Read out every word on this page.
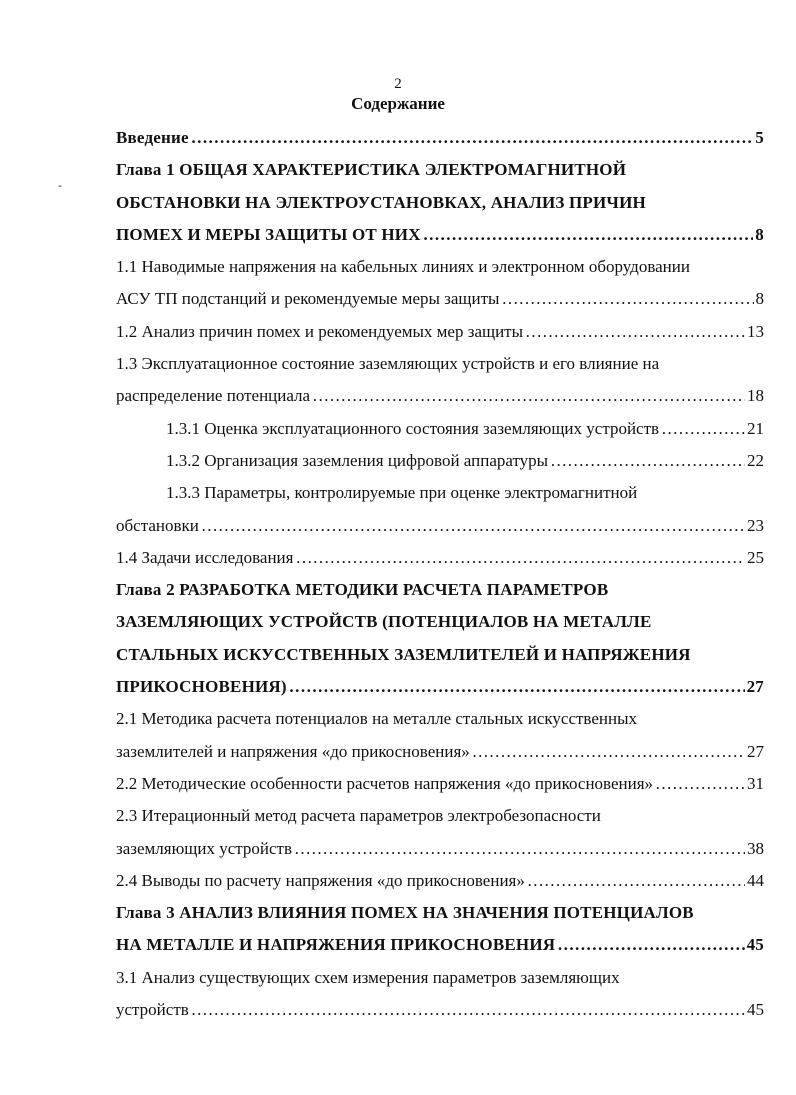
2
Содержание
Введение …………………………………………………………………………………………………………………………………………………………………………	5
Глава 1 ОБЩАЯ ХАРАКТЕРИСТИКА ЭЛЕКТРОМАГНИТНОЙ
ОБСТАНОВКИ НА ЭЛЕКТРОУСТАНОВКАХ, АНАЛИЗ ПРИЧИН
ПОМЕХ И МЕРЫ ЗАЩИТЫ ОТ НИХ …………………………………………………………………………………………………………………………………………………………………………	8
1.1 Наводимые напряжения на кабельных линиях и электронном оборудовании
АСУ ТП подстанций и рекомендуемые меры защиты …………………………………………………………………………………………………………………………………………………………………………	8
1.2 Анализ причин помех и рекомендуемых мер защиты …………………………………………………………………………………………………………………………………………………………………………	13
1.3 Эксплуатационное состояние заземляющих устройств и его влияние на
распределение потенциала …………………………………………………………………………………………………………………………………………………………………………	18
1.3.1 Оценка эксплуатационного состояния заземляющих устройств …………………………………………………………………………………………………………………………………………………………………………	21
1.3.2 Организация заземления цифровой аппаратуры …………………………………………………………………………………………………………………………………………………………………………	22
1.3.3 Параметры, контролируемые при оценке электромагнитной
обстановки …………………………………………………………………………………………………………………………………………………………………………	23
1.4 Задачи исследования …………………………………………………………………………………………………………………………………………………………………………	25
Глава 2 РАЗРАБОТКА МЕТОДИКИ РАСЧЕТА ПАРАМЕТРОВ
ЗАЗЕМЛЯЮЩИХ УСТРОЙСТВ (ПОТЕНЦИАЛОВ НА МЕТАЛЛЕ
СТАЛЬНЫХ ИСКУССТВЕННЫХ ЗАЗЕМЛИТЕЛЕЙ И НАПРЯЖЕНИЯ
ПРИКОСНОВЕНИЯ) …………………………………………………………………………………………………………………………………………………………………………	27
2.1 Методика расчета потенциалов на металле стальных искусственных
заземлителей и напряжения «до прикосновения» …………………………………………………………………………………………………………………………………………………………………………	27
2.2 Методические особенности расчетов напряжения «до прикосновения» …………………………………………………………………………………………………………………………………………………………………………	31
2.3 Итерационный метод расчета параметров электробезопасности
заземляющих устройств …………………………………………………………………………………………………………………………………………………………………………	38
2.4 Выводы по расчету напряжения «до прикосновения» …………………………………………………………………………………………………………………………………………………………………………	44
Глава 3 АНАЛИЗ ВЛИЯНИЯ ПОМЕХ НА ЗНАЧЕНИЯ ПОТЕНЦИАЛОВ
НА МЕТАЛЛЕ И НАПРЯЖЕНИЯ ПРИКОСНОВЕНИЯ …………………………………………………………………………………………………………………………………………………………………………	45
3.1 Анализ существующих схем измерения параметров заземляющих
устройств …………………………………………………………………………………………………………………………………………………………………………	45
-
